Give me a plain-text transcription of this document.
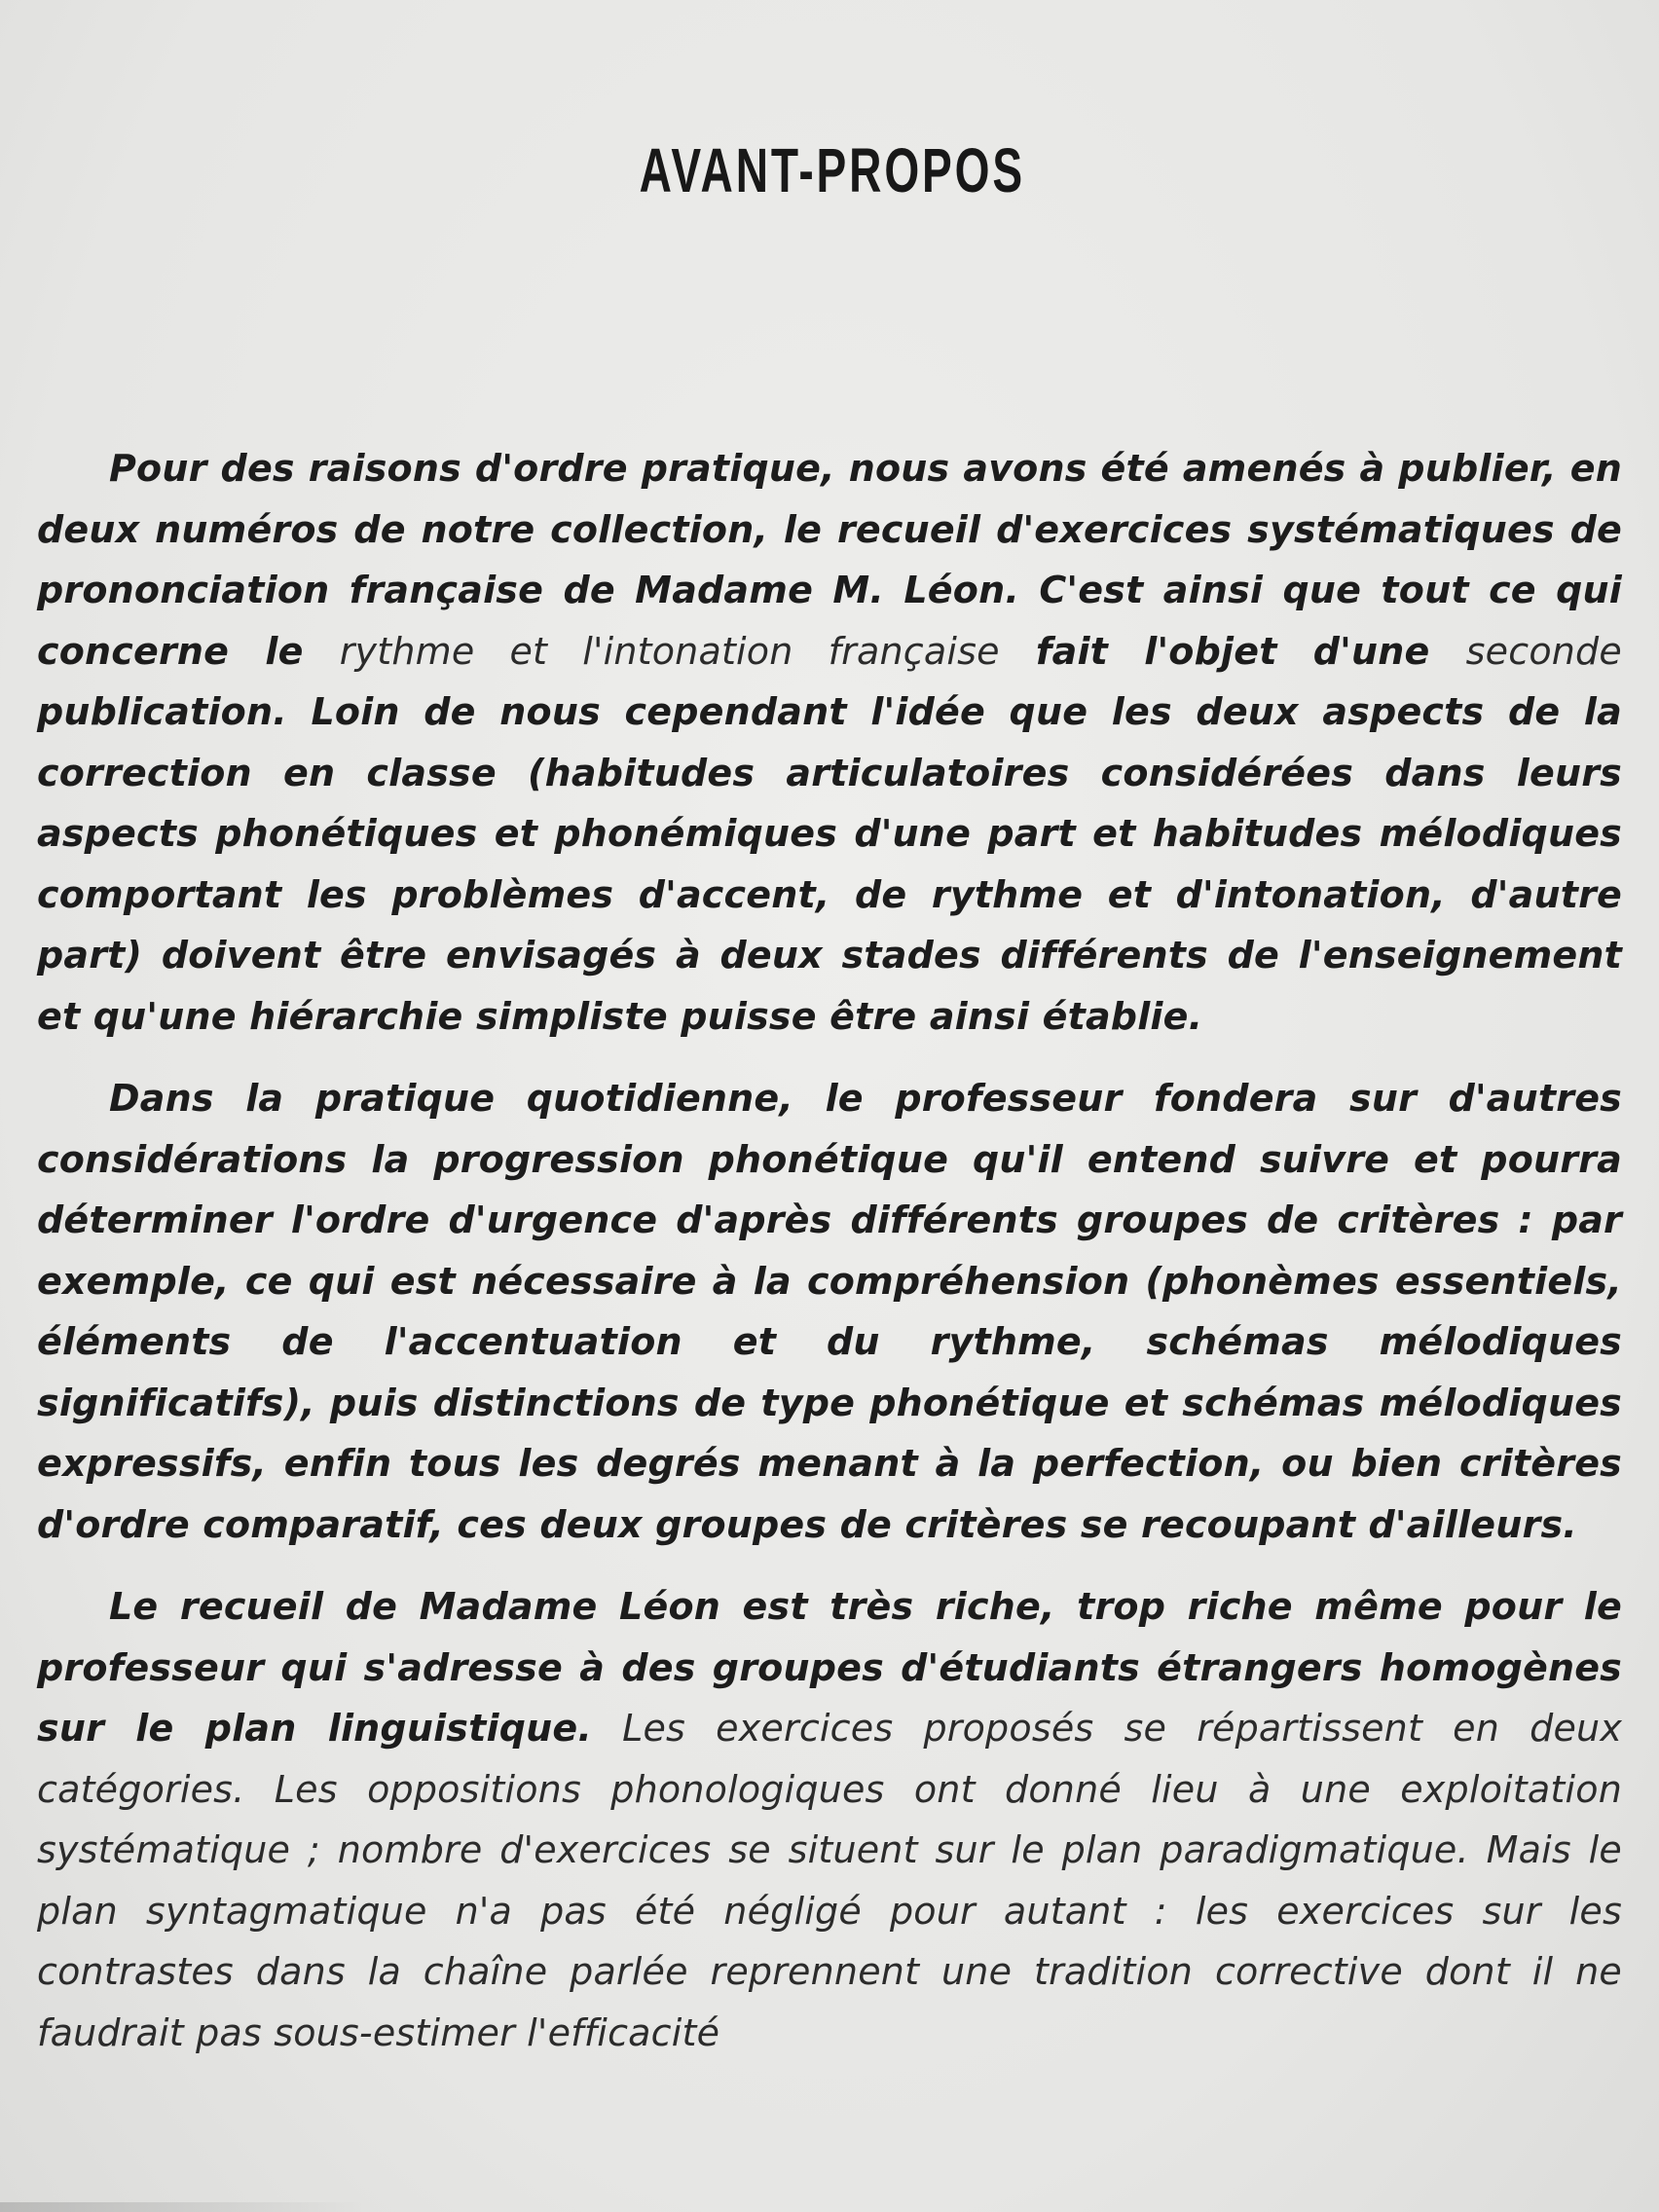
AVANT-PROPOS

Pour des raisons d'ordre pratique, nous avons été amenés à publier, en deux numéros de notre collection, le recueil d'exercices systématiques de prononciation française de Madame M. Léon. C'est ainsi que tout ce qui concerne le rythme et l'intonation française fait l'objet d'une seconde publication. Loin de nous cependant l'idée que les deux aspects de la correction en classe (habitudes articulatoires considérées dans leurs aspects phonétiques et phonémiques d'une part et habitudes mélodiques comportant les problèmes d'accent, de rythme et d'intonation, d'autre part) doivent être envisagés à deux stades différents de l'enseignement et qu'une hiérarchie simpliste puisse être ainsi établie.

Dans la pratique quotidienne, le professeur fondera sur d'autres considérations la progression phonétique qu'il entend suivre et pourra déterminer l'ordre d'urgence d'après différents groupes de critères : par exemple, ce qui est nécessaire à la compréhension (phonèmes essentiels, éléments de l'accentuation et du rythme, schémas mélodiques significatifs), puis distinctions de type phonétique et schémas mélodiques expressifs, enfin tous les degrés menant à la perfection, ou bien critères d'ordre comparatif, ces deux groupes de critères se recoupant d'ailleurs.

Le recueil de Madame Léon est très riche, trop riche même pour le professeur qui s'adresse à des groupes d'étudiants étrangers homogènes sur le plan linguistique. Les exercices proposés se répartissent en deux catégories. Les oppositions phonologiques ont donné lieu à une exploitation systématique ; nombre d'exercices se situent sur le plan paradigmatique. Mais le plan syntagmatique n'a pas été négligé pour autant : les exercices sur les contrastes dans la chaîne parlée reprennent une tradition corrective dont il ne faudrait pas sous-estimer l'efficacité
